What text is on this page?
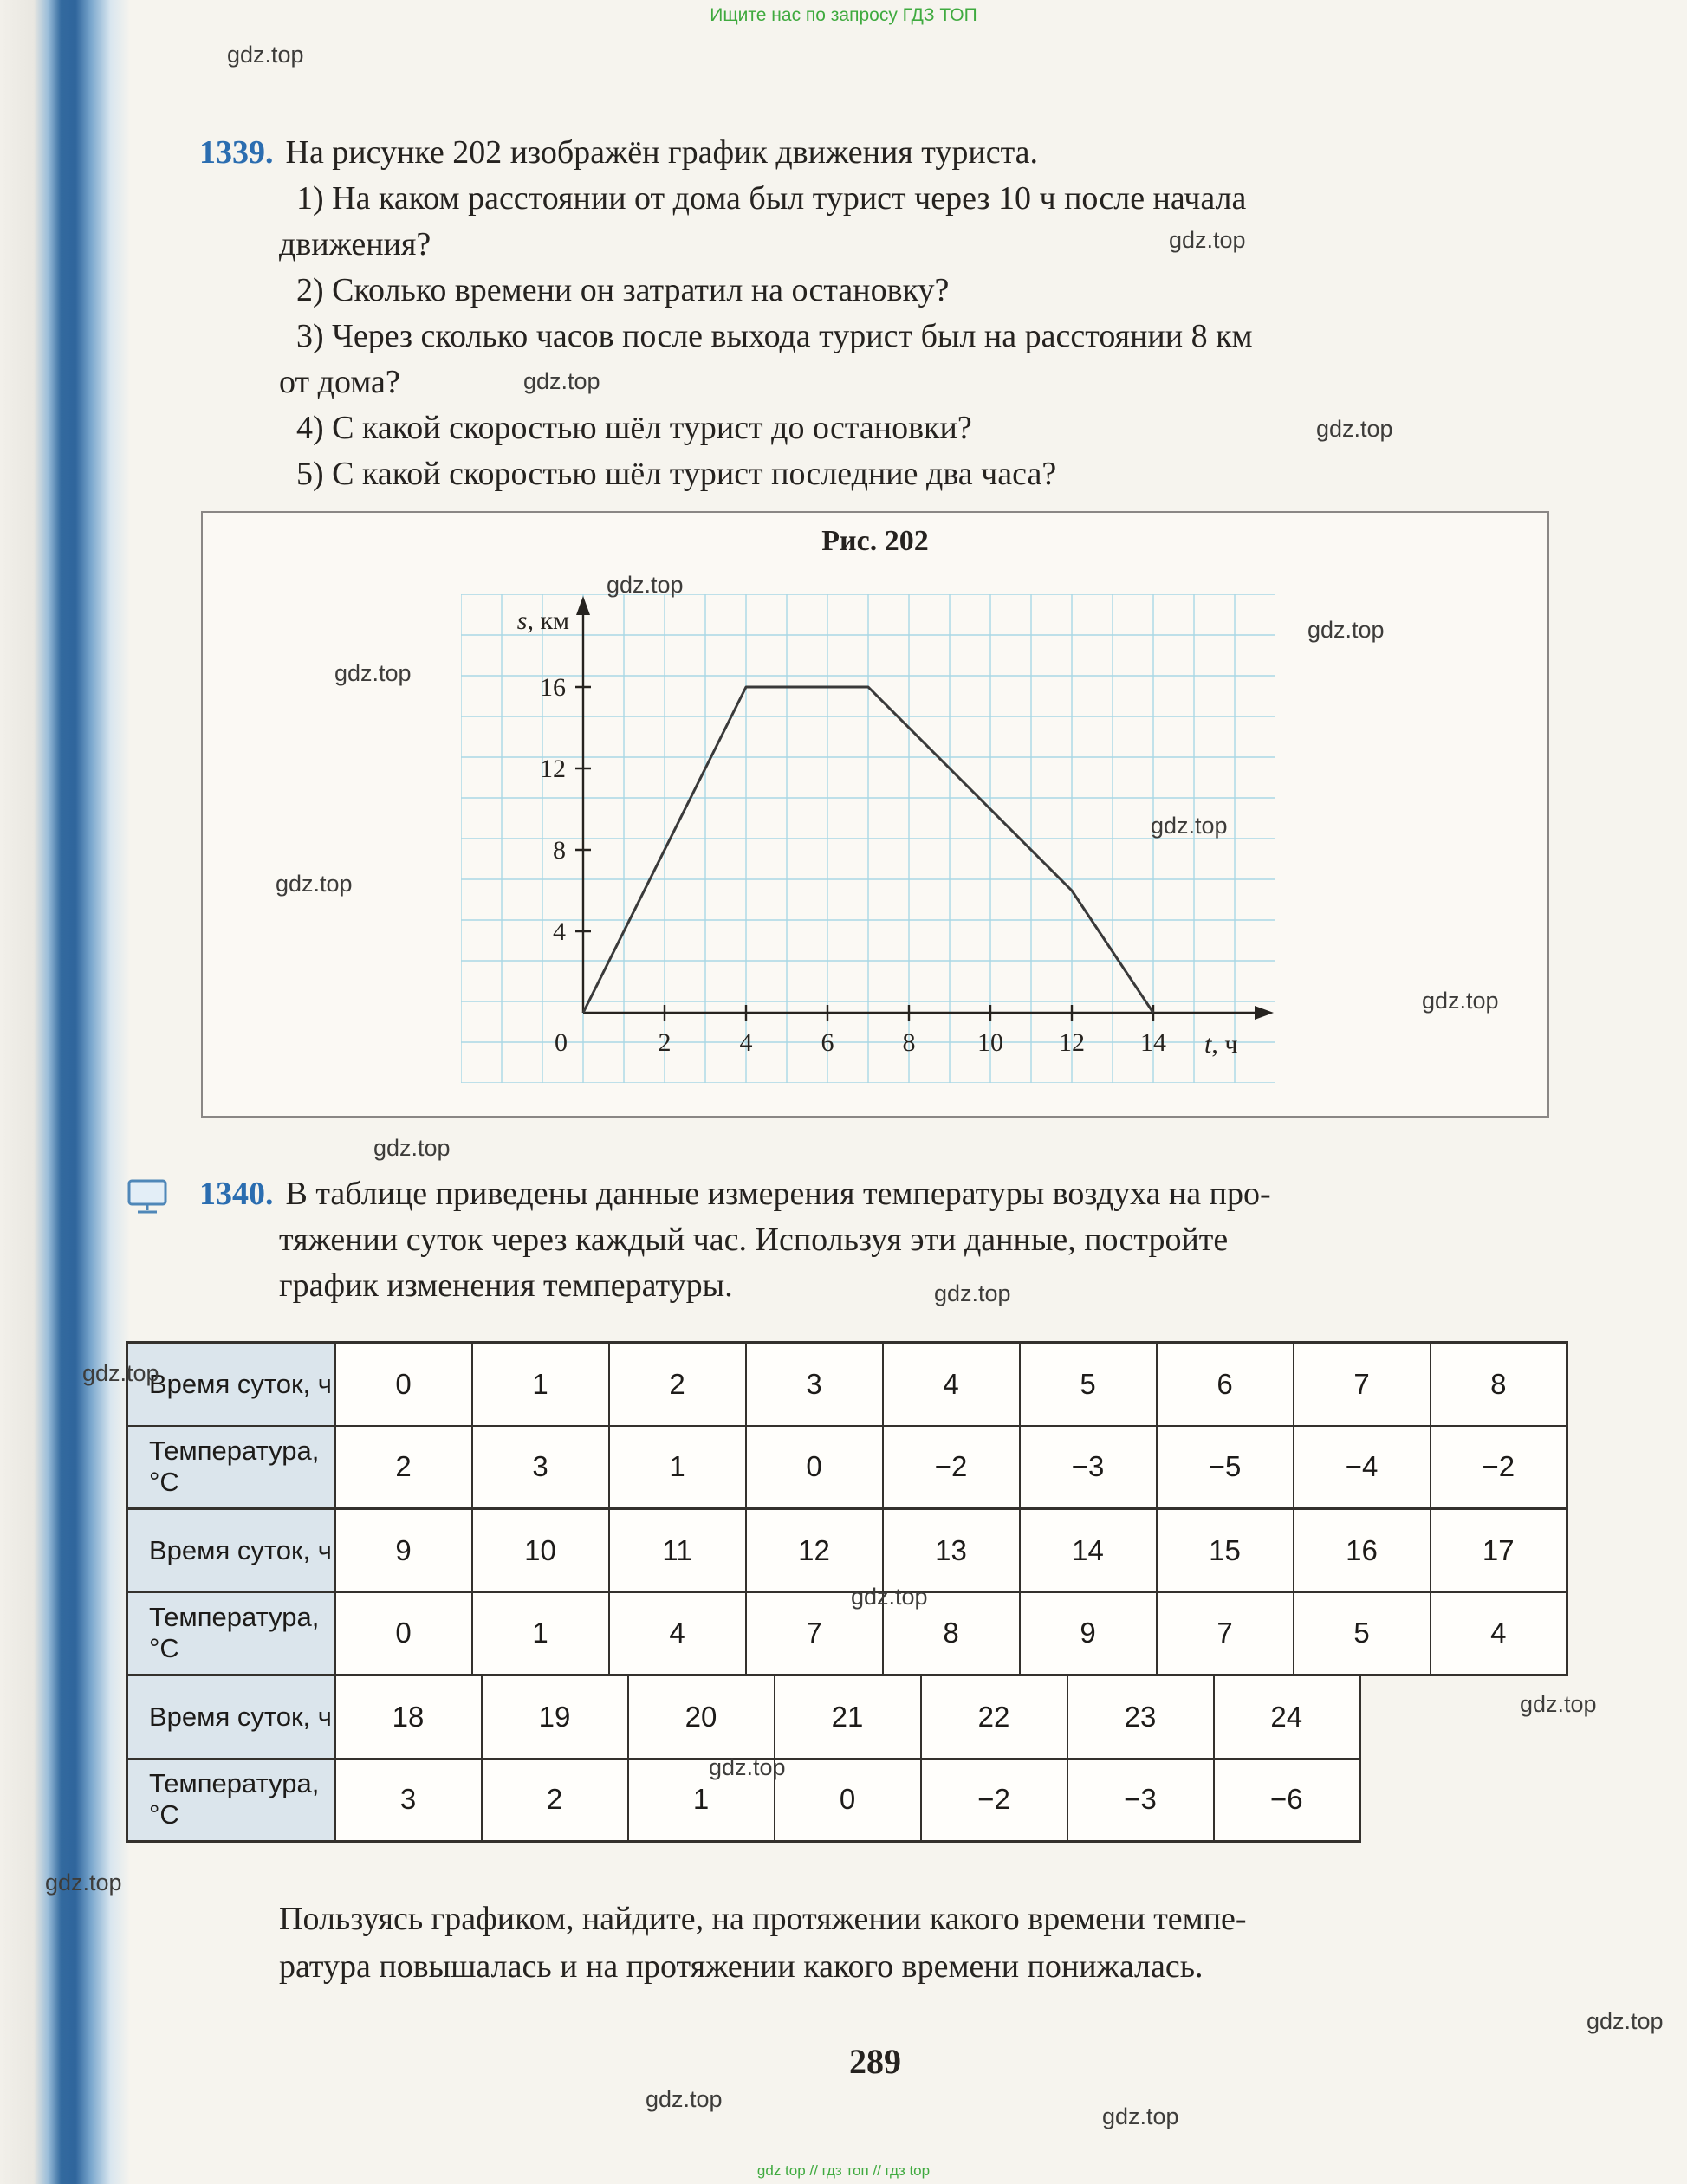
Ищите нас по запросу ГДЗ ТОП
1339. На рисунке 202 изображён график движения туриста.
1) На каком расстоянии от дома был турист через 10 ч после начала
движения?
2) Сколько времени он затратил на остановку?
3) Через сколько часов после выхода турист был на расстоянии 8 км
от дома?
4) С какой скоростью шёл турист до остановки?
5) С какой скоростью шёл турист последние два часа?
Рис. 202
4
8
12
16
2	4	6	8 10 12 14
0
s, км
t, ч
1340. В таблице приведены данные измерения температуры воздуха на про-
тяжении суток через каждый час. Используя эти данные, постройте
график изменения температуры.
Время суток, ч	0	1	2	3	4	5	6	7	8
Температура, °С	2	3	1	0	−2	−3	−5	−4	−2
Время суток, ч	9	10	11	12	13	14	15	16	17
Температура, °С	0	1	4	7	8	9	7	5	4
Время суток, ч	18	19	20	21	22	23	24
Температура, °С	3	2	1	0	−2	−3	−6
Пользуясь графиком, найдите, на протяжении какого времени темпе-
ратура повышалась и на протяжении какого времени понижалась.
289
gdz top // гдз топ // гдз top
gdz.top
gdz.top
gdz.top
gdz.top
gdz.top
gdz.top
gdz.top
gdz.top
gdz.top
gdz.top
gdz.top
gdz.top
gdz.top
gdz.top
gdz.top
gdz.top
gdz.top
gdz.top
gdz.top
gdz.top
